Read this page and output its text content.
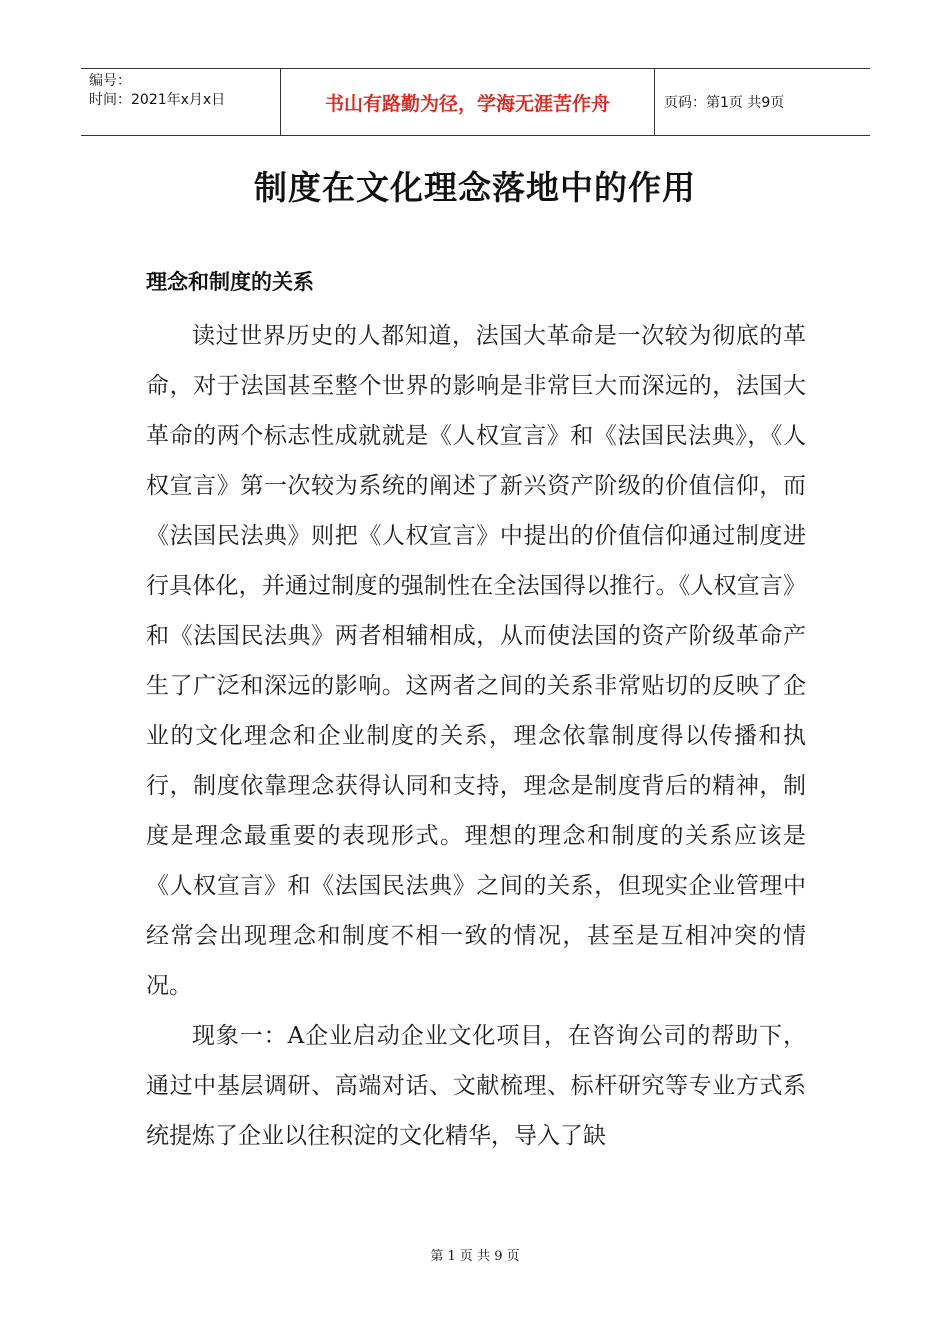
编号：
时间：2021年x月x日	书山有路勤为径，学海无涯苦作舟	页码：第1页 共9页
制度在文化理念落地中的作用
理念和制度的关系

读过世界历史的人都知道，法国大革命是一次较为彻底的革命，对于法国甚至整个世界的影响是非常巨大而深远的，法国大革命的两个标志性成就就是《人权宣言》和《法国民法典》，《人权宣言》第一次较为系统的阐述了新兴资产阶级的价值信仰，而《法国民法典》则把《人权宣言》中提出的价值信仰通过制度进行具体化，并通过制度的强制性在全法国得以推行。《人权宣言》和《法国民法典》两者相辅相成，从而使法国的资产阶级革命产生了广泛和深远的影响。这两者之间的关系非常贴切的反映了企业的文化理念和企业制度的关系，理念依靠制度得以传播和执行，制度依靠理念获得认同和支持，理念是制度背后的精神，制度是理念最重要的表现形式。理想的理念和制度的关系应该是《人权宣言》和《法国民法典》之间的关系，但现实企业管理中经常会出现理念和制度不相一致的情况，甚至是互相冲突的情况。

现象一：A企业启动企业文化项目，在咨询公司的帮助下，通过中基层调研、高端对话、文献梳理、标杆研究等专业方式系统提炼了企业以往积淀的文化精华，导入了缺

第 1 页 共 9 页
